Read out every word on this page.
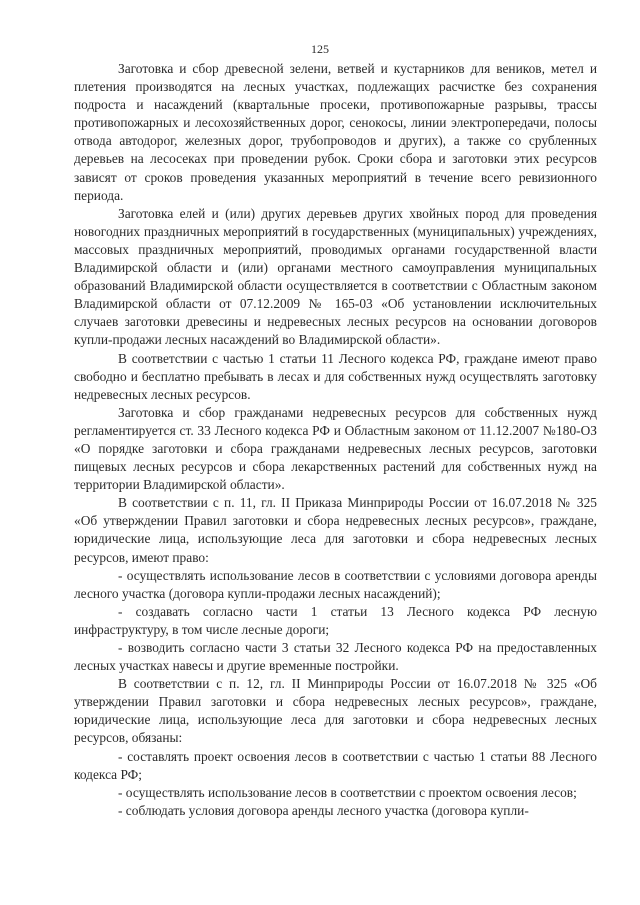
125

Заготовка и сбор древесной зелени, ветвей и кустарников для веников, метел и плетения производятся на лесных участках, подлежащих расчистке без сохранения подроста и насаждений (квартальные просеки, противопожарные разрывы, трассы противопожарных и лесохозяйственных дорог, сенокосы, линии электропередачи, полосы отвода автодорог, железных дорог, трубопроводов и других), а также со срубленных деревьев на лесосеках при проведении рубок. Сроки сбора и заготовки этих ресурсов зависят от сроков проведения указанных мероприятий в течение всего ревизионного периода.

Заготовка елей и (или) других деревьев других хвойных пород для проведения новогодних праздничных мероприятий в государственных (муниципальных) учреждениях, массовых праздничных мероприятий, проводимых органами государственной власти Владимирской области и (или) органами местного самоуправления муниципальных образований Владимирской области осуществляется в соответствии с Областным законом Владимирской области от 07.12.2009 № 165-03 «Об установлении исключительных случаев заготовки древесины и недревесных лесных ресурсов на основании договоров купли-продажи лесных насаждений во Владимирской области».

В соответствии с частью 1 статьи 11 Лесного кодекса РФ, граждане имеют право свободно и бесплатно пребывать в лесах и для собственных нужд осуществлять заготовку недревесных лесных ресурсов.

Заготовка и сбор гражданами недревесных ресурсов для собственных нужд регламентируется ст. 33 Лесного кодекса РФ и Областным законом от 11.12.2007 №180-ОЗ «О порядке заготовки и сбора гражданами недревесных лесных ресурсов, заготовки пищевых лесных ресурсов и сбора лекарственных растений для собственных нужд на территории Владимирской области».

В соответствии с п. 11, гл. II Приказа Минприроды России от 16.07.2018 № 325 «Об утверждении Правил заготовки и сбора недревесных лесных ресурсов», граждане, юридические лица, использующие леса для заготовки и сбора недревесных лесных ресурсов, имеют право:

- осуществлять использование лесов в соответствии с условиями договора аренды лесного участка (договора купли-продажи лесных насаждений);

- создавать согласно части 1 статьи 13 Лесного кодекса РФ лесную инфраструктуру, в том числе лесные дороги;

- возводить согласно части 3 статьи 32 Лесного кодекса РФ на предоставленных лесных участках навесы и другие временные постройки.

В соответствии с п. 12, гл. II Минприроды России от 16.07.2018 № 325 «Об утверждении Правил заготовки и сбора недревесных лесных ресурсов», граждане, юридические лица, использующие леса для заготовки и сбора недревесных лесных ресурсов, обязаны:

- составлять проект освоения лесов в соответствии с частью 1 статьи 88 Лесного кодекса РФ;

- осуществлять использование лесов в соответствии с проектом освоения лесов;

- соблюдать условия договора аренды лесного участка (договора купли-
